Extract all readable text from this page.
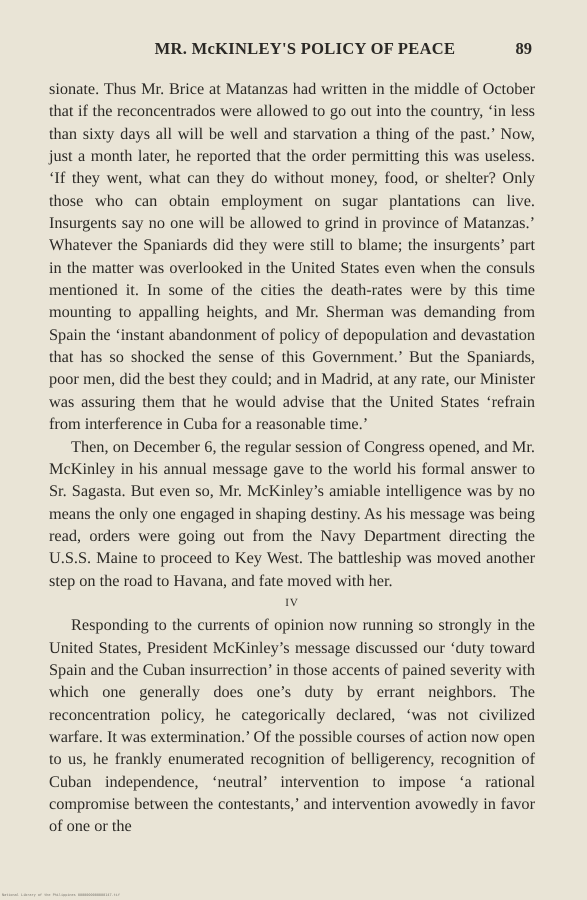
MR. McKINLEY'S POLICY OF PEACE	89

sionate. Thus Mr. Brice at Matanzas had written in the middle of October that if the reconcentrados were allowed to go out into the country, ‘in less than sixty days all will be well and starvation a thing of the past.’ Now, just a month later, he reported that the order permitting this was useless. ‘If they went, what can they do without money, food, or shelter? Only those who can obtain employment on sugar plantations can live. Insurgents say no one will be allowed to grind in province of Matanzas.’ Whatever the Spaniards did they were still to blame; the insurgents’ part in the matter was overlooked in the United States even when the consuls mentioned it. In some of the cities the death-rates were by this time mounting to appalling heights, and Mr. Sherman was demanding from Spain the ‘instant abandonment of policy of depopulation and devastation that has so shocked the sense of this Government.’ But the Spaniards, poor men, did the best they could; and in Madrid, at any rate, our Minister was assuring them that he would advise that the United States ‘refrain from interference in Cuba for a reasonable time.’

Then, on December 6, the regular session of Congress opened, and Mr. McKinley in his annual message gave to the world his formal answer to Sr. Sagasta. But even so, Mr. McKinley’s amiable intelligence was by no means the only one engaged in shaping destiny. As his message was being read, orders were going out from the Navy Department directing the U.S.S. Maine to proceed to Key West. The battleship was moved another step on the road to Havana, and fate moved with her.

IV

Responding to the currents of opinion now running so strongly in the United States, President McKinley’s message discussed our ‘duty toward Spain and the Cuban insurrection’ in those accents of pained severity with which one generally does one’s duty by errant neighbors. The reconcentration policy, he categorically declared, ‘was not civilized warfare. It was extermination.’ Of the possible courses of action now open to us, he frankly enumerated recognition of belligerency, recognition of Cuban independence, ‘neutral’ intervention to impose ‘a rational compromise between the contestants,’ and intervention avowedly in favor of one or the

National Library of the Philippines 0000000000000147.tif
